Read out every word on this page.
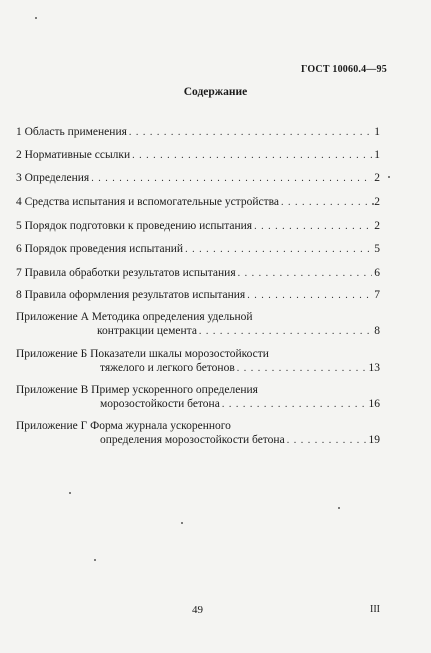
ГОСТ 10060.4—95
Содержание
1 Область применения . . .	1
2 Нормативные ссылки . . .	1
3 Определения . . .	2
4 Средства испытания и вспомогательные устройства . . .	2
5 Порядок подготовки к проведению испытания . . .	2
6 Порядок проведения испытаний . . .	5
7 Правила обработки результатов испытания . . .	6
8 Правила оформления результатов испытания . . .	7
Приложение А Методика определения удельной
контракции цемента . . .	8
Приложение Б Показатели шкалы морозостойкости
тяжелого и легкого бетонов . . .	13
Приложение В Пример ускоренного определения
морозостойкости бетона . . .	16
Приложение Г Форма журнала ускоренного
определения морозостойкости бетона . . .	19
49	III
